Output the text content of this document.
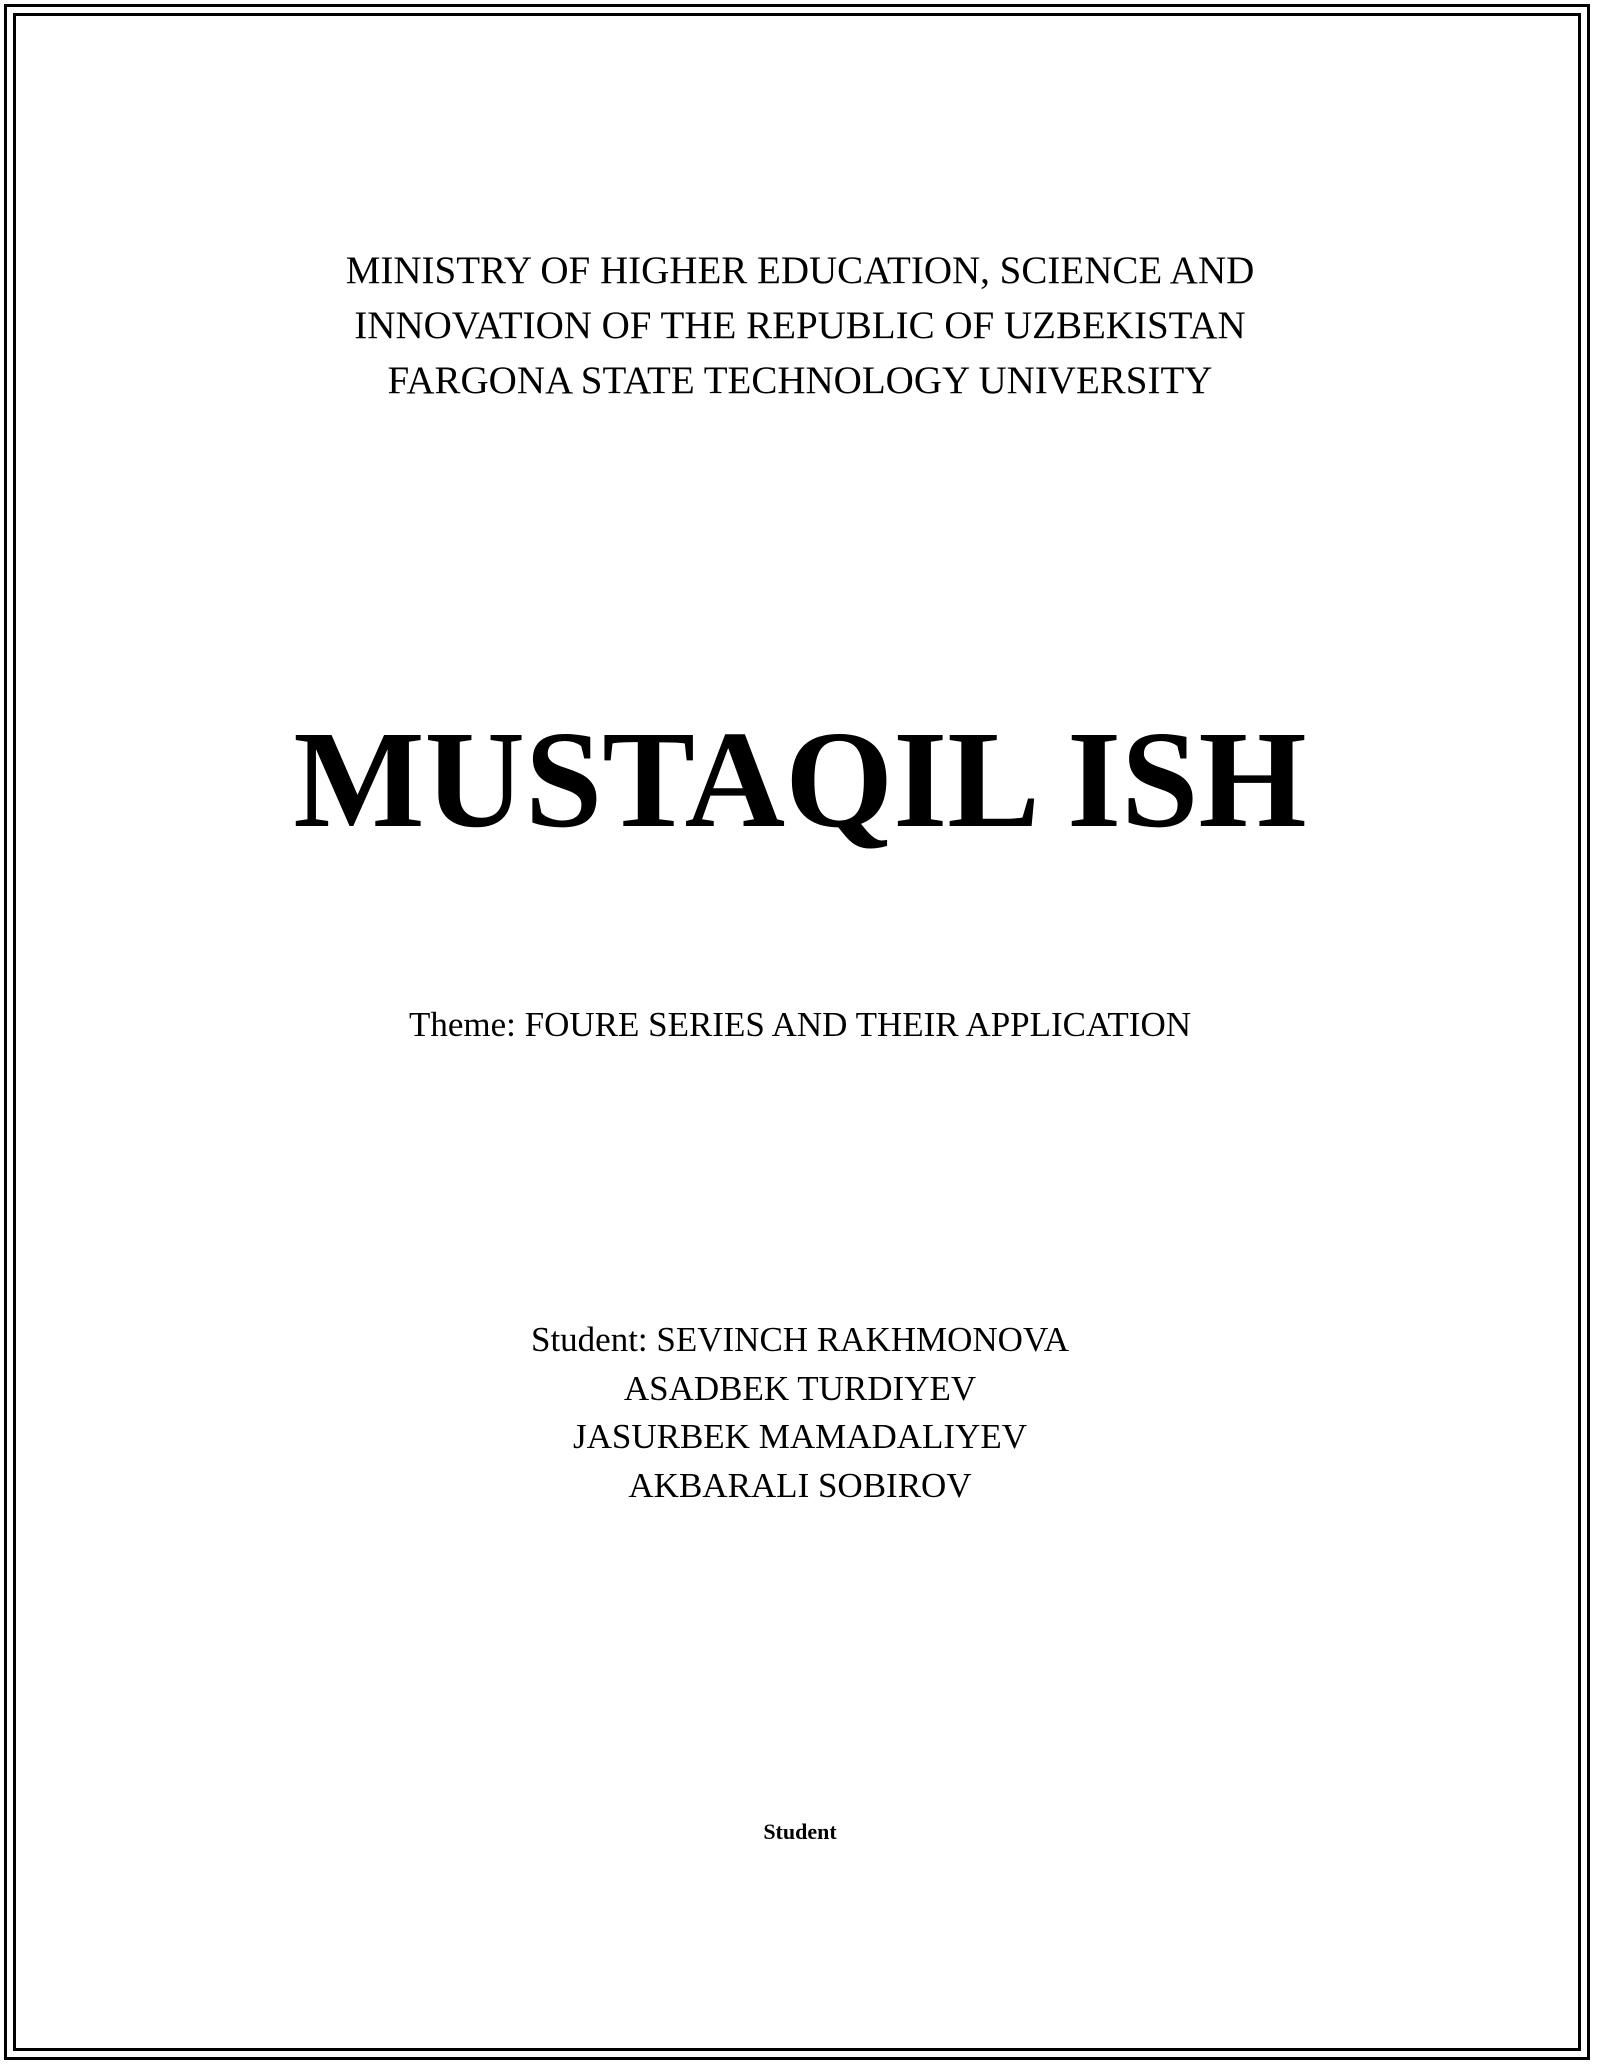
MINISTRY OF HIGHER EDUCATION, SCIENCE AND
INNOVATION OF THE REPUBLIC OF UZBEKISTAN
FARGONA STATE TECHNOLOGY UNIVERSITY
MUSTAQIL ISH
Theme: FOURE SERIES AND THEIR APPLICATION
Student: SEVINCH RAKHMONOVA
ASADBEK TURDIYEV
JASURBEK MAMADALIYEV
AKBARALI SOBIROV
Student
